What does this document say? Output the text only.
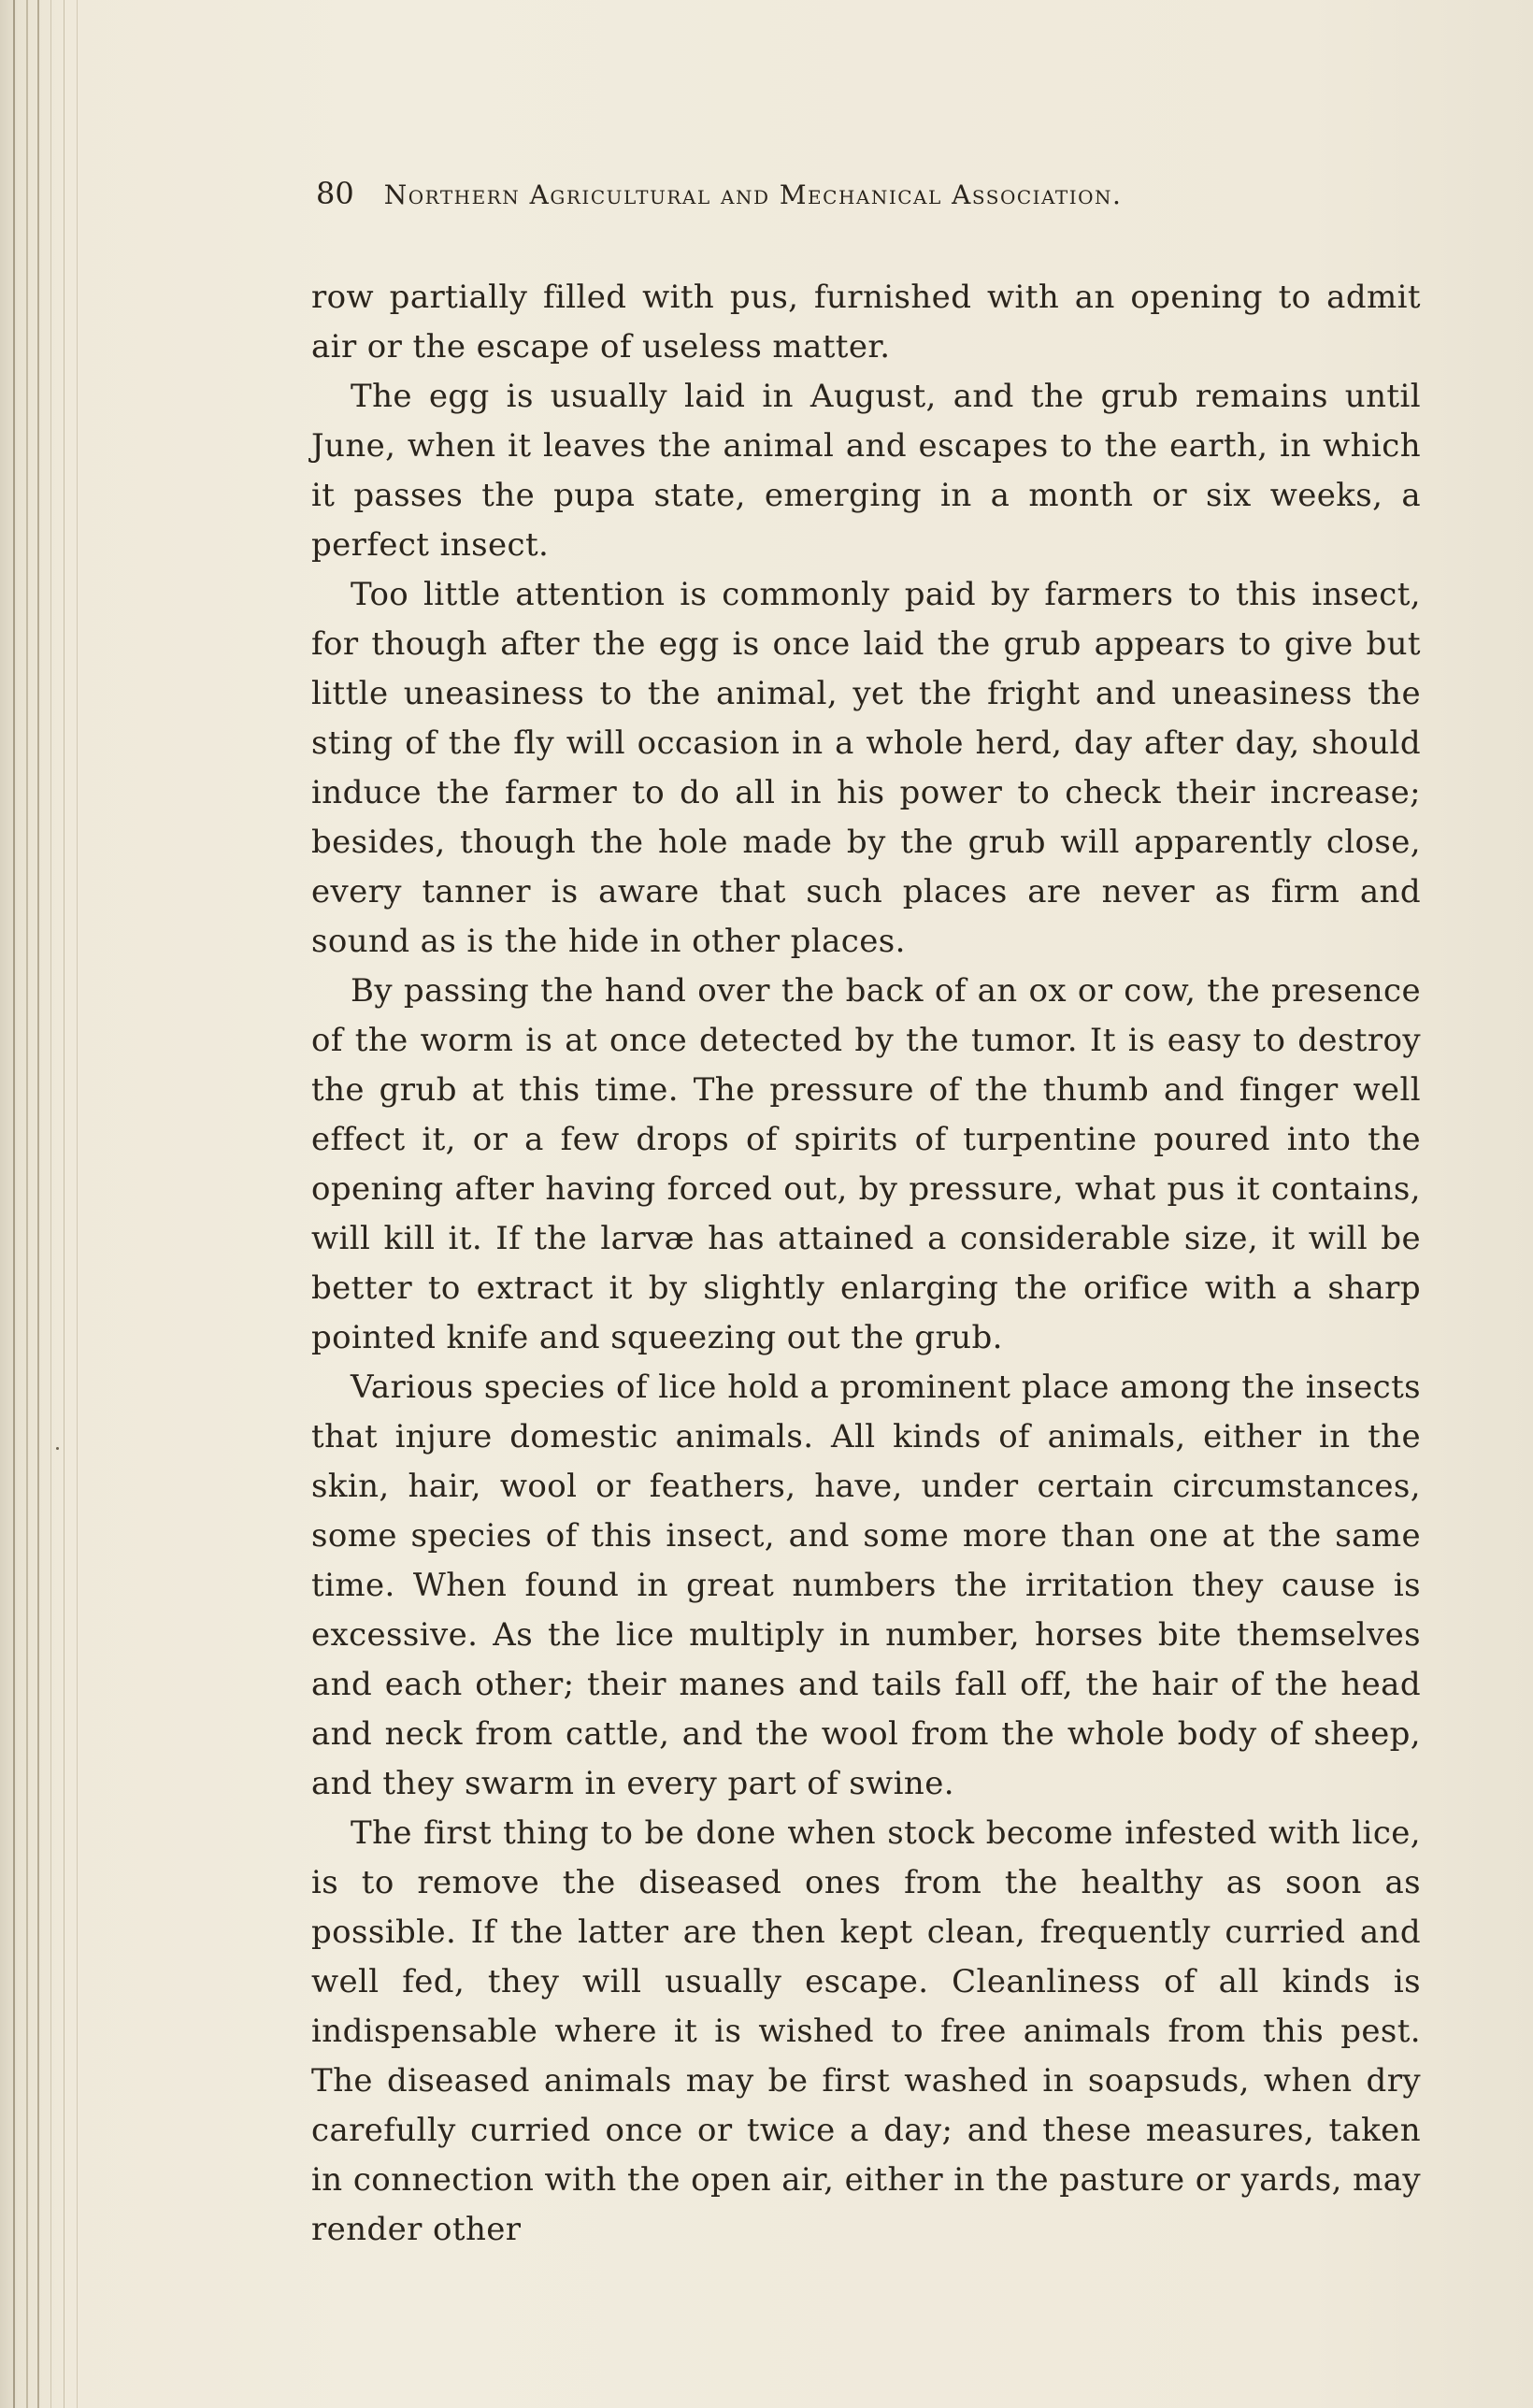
80 Northern Agricultural and Mechanical Association.

row partially filled with pus, furnished with an opening to admit air or the escape of useless matter.

The egg is usually laid in August, and the grub remains until June, when it leaves the animal and escapes to the earth, in which it passes the pupa state, emerging in a month or six weeks, a perfect insect.

Too little attention is commonly paid by farmers to this insect, for though after the egg is once laid the grub appears to give but little uneasiness to the animal, yet the fright and uneasiness the sting of the fly will occasion in a whole herd, day after day, should induce the farmer to do all in his power to check their increase; besides, though the hole made by the grub will apparently close, every tanner is aware that such places are never as firm and sound as is the hide in other places.

By passing the hand over the back of an ox or cow, the presence of the worm is at once detected by the tumor. It is easy to destroy the grub at this time. The pressure of the thumb and finger well effect it, or a few drops of spirits of turpentine poured into the opening after having forced out, by pressure, what pus it contains, will kill it. If the larvæ has attained a considerable size, it will be better to extract it by slightly enlarging the orifice with a sharp pointed knife and squeezing out the grub.

Various species of lice hold a prominent place among the insects that injure domestic animals. All kinds of animals, either in the skin, hair, wool or feathers, have, under certain circumstances, some species of this insect, and some more than one at the same time. When found in great numbers the irritation they cause is excessive. As the lice multiply in number, horses bite themselves and each other; their manes and tails fall off, the hair of the head and neck from cattle, and the wool from the whole body of sheep, and they swarm in every part of swine.

The first thing to be done when stock become infested with lice, is to remove the diseased ones from the healthy as soon as possible. If the latter are then kept clean, frequently curried and well fed, they will usually escape. Cleanliness of all kinds is indispensable where it is wished to free animals from this pest. The diseased animals may be first washed in soapsuds, when dry carefully curried once or twice a day; and these measures, taken in connection with the open air, either in the pasture or yards, may render other
